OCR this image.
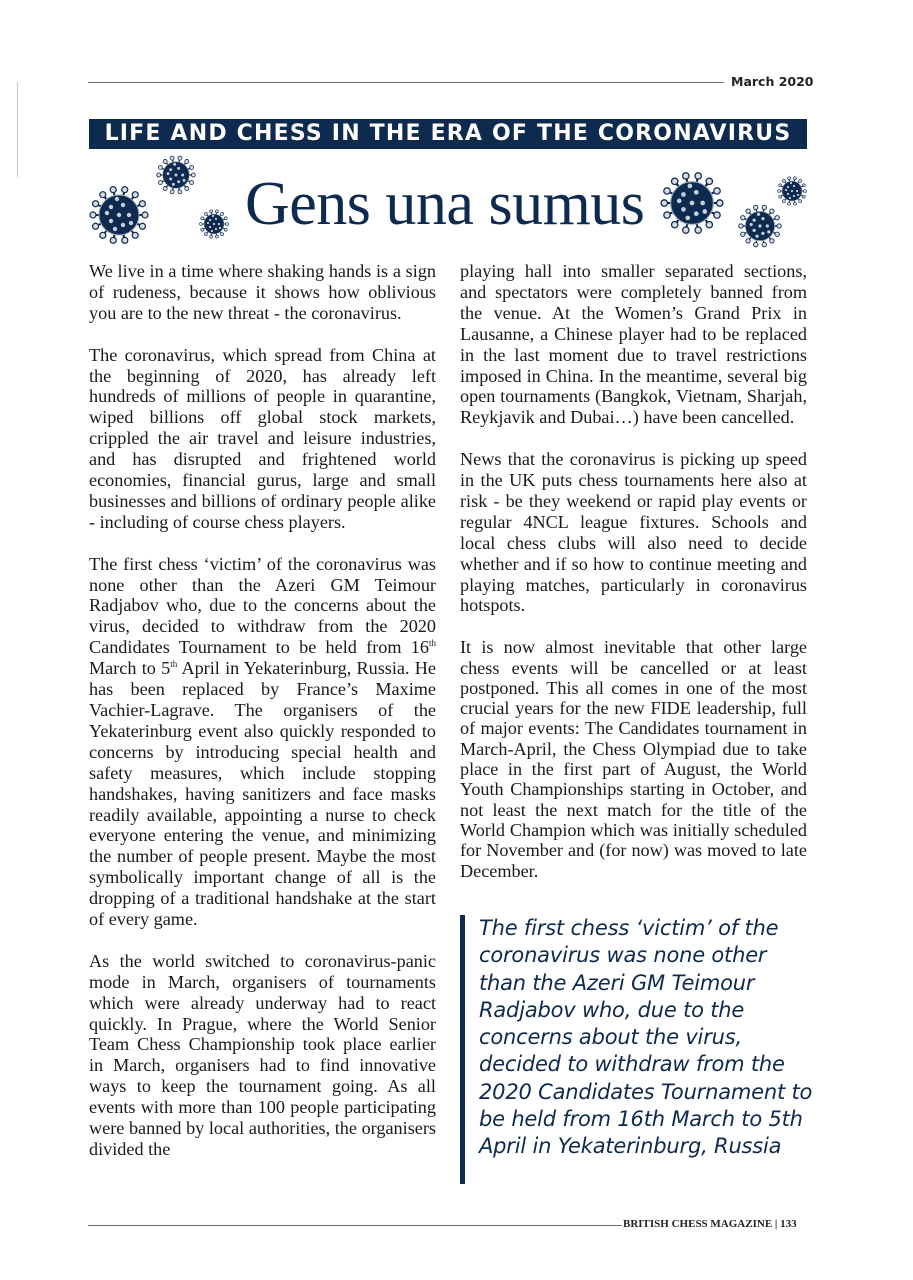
March 2020
LIFE AND CHESS IN THE ERA OF THE CORONAVIRUS
Gens una sumus

We live in a time where shaking hands is a sign of rudeness, because it shows how oblivious you are to the new threat - the coronavirus.

The coronavirus, which spread from China at the beginning of 2020, has already left hundreds of millions of people in quarantine, wiped billions off global stock markets, crippled the air travel and leisure industries, and has disrupted and frightened world economies, financial gurus, large and small businesses and billions of ordinary people alike - including of course chess players.

The first chess ‘victim’ of the coronavirus was none other than the Azeri GM Teimour Radjabov who, due to the concerns about the virus, decided to withdraw from the 2020 Candidates Tournament to be held from 16th March to 5th April in Yekaterinburg, Russia. He has been replaced by France’s Maxime Vachier-Lagrave. The organisers of the Yekaterinburg event also quickly responded to concerns by introducing special health and safety measures, which include stopping handshakes, having sanitizers and face masks readily available, appointing a nurse to check everyone entering the venue, and minimizing the number of people present. Maybe the most symbolically important change of all is the dropping of a traditional handshake at the start of every game.

As the world switched to coronavirus-panic mode in March, organisers of tournaments which were already underway had to react quickly. In Prague, where the World Senior Team Chess Championship took place earlier in March, organisers had to find innovative ways to keep the tournament going. As all events with more than 100 people participating were banned by local authorities, the organisers divided the

playing hall into smaller separated sections, and spectators were completely banned from the venue. At the Women’s Grand Prix in Lausanne, a Chinese player had to be replaced in the last moment due to travel restrictions imposed in China. In the meantime, several big open tournaments (Bangkok, Vietnam, Sharjah, Reykjavik and Dubai…) have been cancelled.

News that the coronavirus is picking up speed in the UK puts chess tournaments here also at risk - be they weekend or rapid play events or regular 4NCL league fixtures. Schools and local chess clubs will also need to decide whether and if so how to continue meeting and playing matches, particularly in coronavirus hotspots.

It is now almost inevitable that other large chess events will be cancelled or at least postponed. This all comes in one of the most crucial years for the new FIDE leadership, full of major events: The Candidates tournament in March-April, the Chess Olympiad due to take place in the first part of August, the World Youth Championships starting in October, and not least the next match for the title of the World Champion which was initially scheduled for November and (for now) was moved to late December.

The first chess ‘victim’ of the coronavirus was none other than the Azeri GM Teimour Radjabov who, due to the concerns about the virus, decided to withdraw from the 2020 Candidates Tournament to be held from 16th March to 5th April in Yekaterinburg, Russia
BRITISH CHESS MAGAZINE | 133
